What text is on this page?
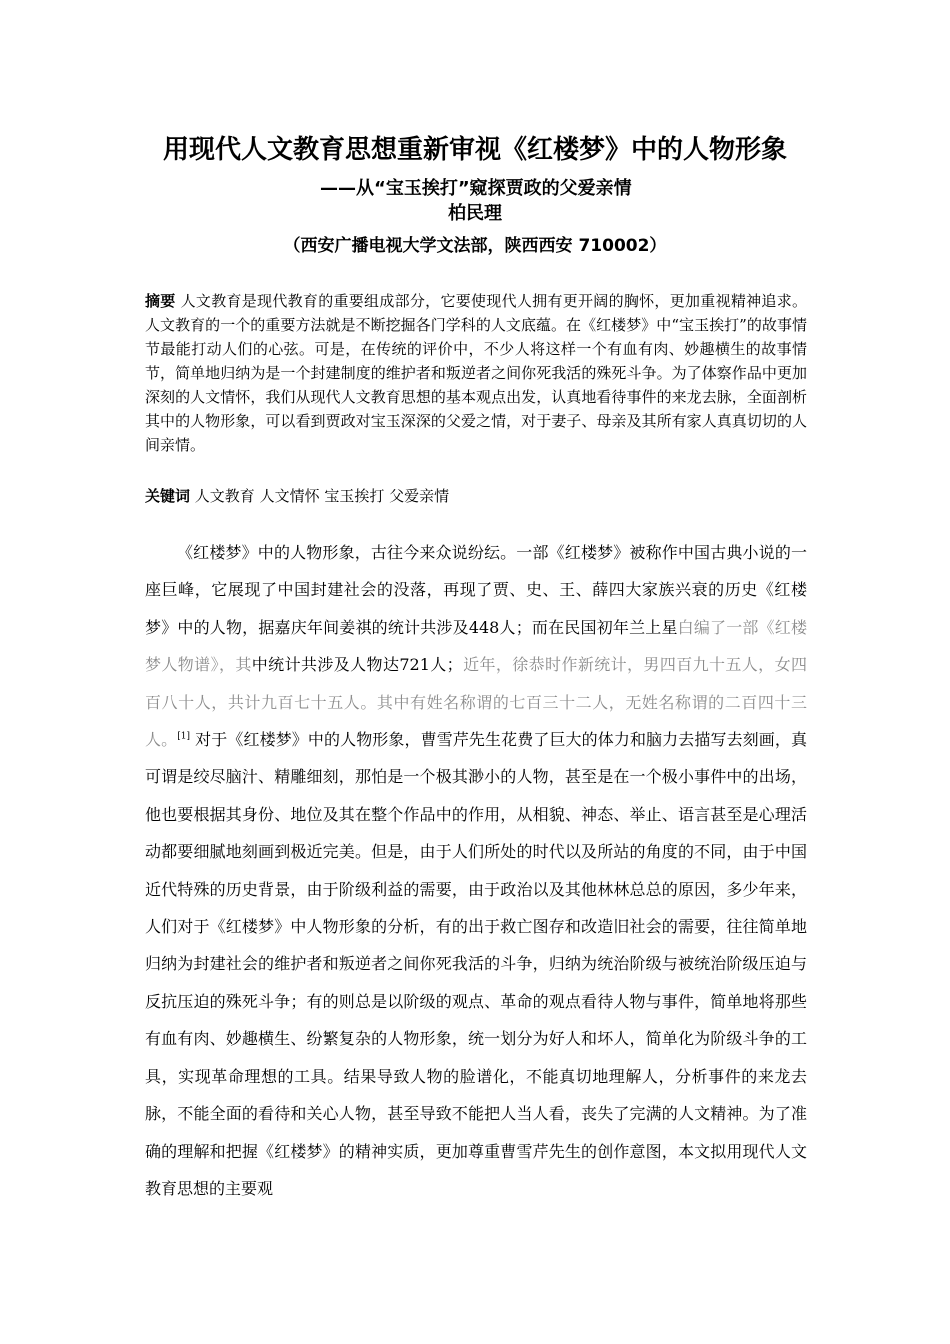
用现代人文教育思想重新审视《红楼梦》中的人物形象
——从“宝玉挨打”窥探贾政的父爱亲情
柏民理
（西安广播电视大学文法部，陕西西安 710002）
摘要 人文教育是现代教育的重要组成部分，它要使现代人拥有更开阔的胸怀，更加重视精神追求。人文教育的一个的重要方法就是不断挖掘各门学科的人文底蕴。在《红楼梦》中“宝玉挨打”的故事情节最能打动人们的心弦。可是，在传统的评价中，不少人将这样一个有血有肉、妙趣横生的故事情节，简单地归纳为是一个封建制度的维护者和叛逆者之间你死我活的殊死斗争。为了体察作品中更加深刻的人文情怀，我们从现代人文教育思想的基本观点出发，认真地看待事件的来龙去脉，全面剖析其中的人物形象，可以看到贾政对宝玉深深的父爱之情，对于妻子、母亲及其所有家人真真切切的人间亲情。
关键词 人文教育 人文情怀 宝玉挨打 父爱亲情
《红楼梦》中的人物形象，古往今来众说纷纭。一部《红楼梦》被称作中国古典小说的一座巨峰，它展现了中国封建社会的没落，再现了贾、史、王、薛四大家族兴衰的历史《红楼梦》中的人物，据嘉庆年间姜祺的统计共涉及448人；而在民国初年兰上星白编了一部《红楼梦人物谱》，其中统计共涉及人物达721人；近年，徐恭时作新统计，男四百九十五人，女四百八十人，共计九百七十五人。其中有姓名称谓的七百三十二人，无姓名称谓的二百四十三人。[1] 对于《红楼梦》中的人物形象，曹雪芹先生花费了巨大的体力和脑力去描写去刻画，真可谓是绞尽脑汁、精雕细刻，那怕是一个极其渺小的人物，甚至是在一个极小事件中的出场，他也要根据其身份、地位及其在整个作品中的作用，从相貌、神态、举止、语言甚至是心理活动都要细腻地刻画到极近完美。但是，由于人们所处的时代以及所站的角度的不同，由于中国近代特殊的历史背景，由于阶级利益的需要，由于政治以及其他林林总总的原因，多少年来，人们对于《红楼梦》中人物形象的分析，有的出于救亡图存和改造旧社会的需要，往往简单地归纳为封建社会的维护者和叛逆者之间你死我活的斗争，归纳为统治阶级与被统治阶级压迫与反抗压迫的殊死斗争；有的则总是以阶级的观点、革命的观点看待人物与事件，简单地将那些有血有肉、妙趣横生、纷繁复杂的人物形象，统一划分为好人和坏人，简单化为阶级斗争的工具，实现革命理想的工具。结果导致人物的脸谱化，不能真切地理解人，分析事件的来龙去脉，不能全面的看待和关心人物，甚至导致不能把人当人看，丧失了完满的人文精神。为了准确的理解和把握《红楼梦》的精神实质，更加尊重曹雪芹先生的创作意图，本文拟用现代人文教育思想的主要观
